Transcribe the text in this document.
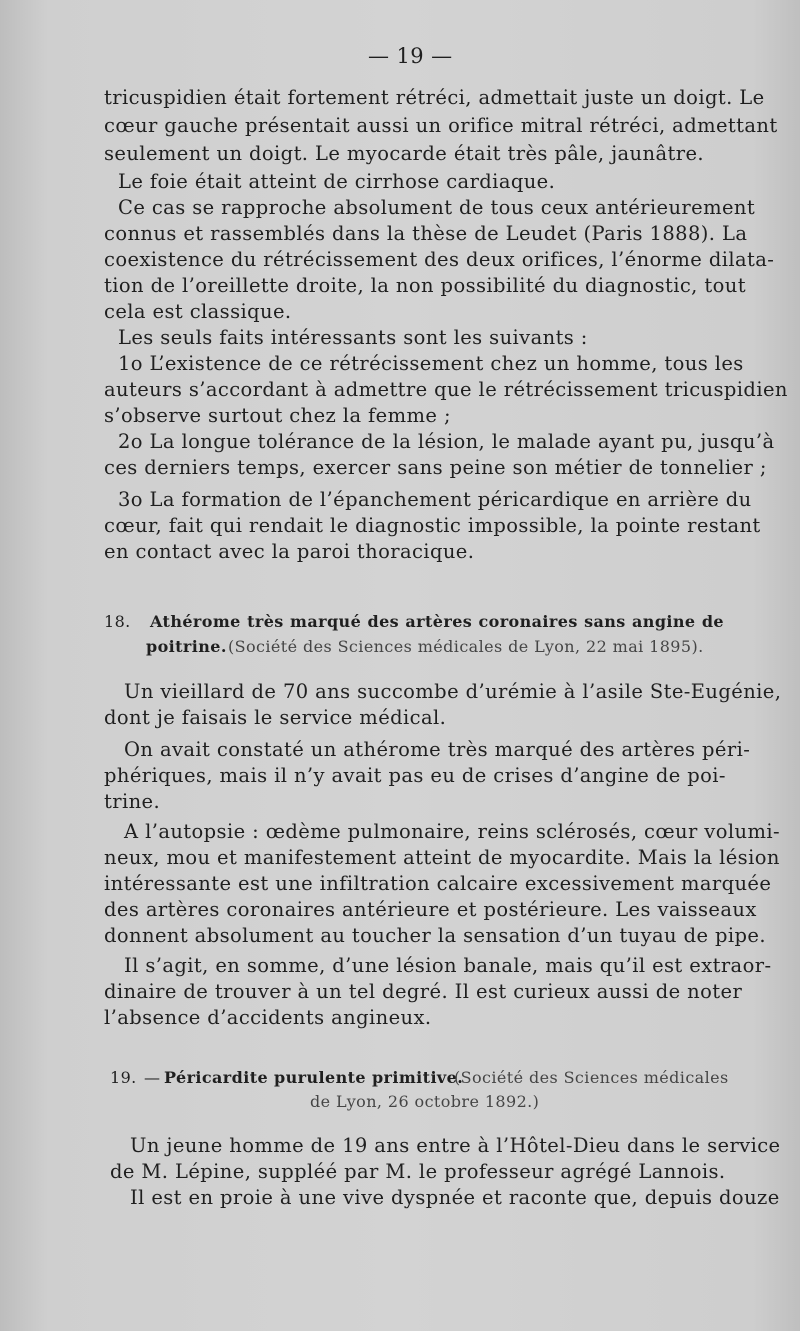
— 19 —
tricuspidien était fortement rétréci, admettait juste un doigt. Le
cœur gauche présentait aussi un orifice mitral rétréci, admettant
seulement un doigt. Le myocarde était très pâle, jaunâtre.
Le foie était atteint de cirrhose cardiaque.
Ce cas se rapproche absolument de tous ceux antérieurement
connus et rassemblés dans la thèse de Leudet (Paris 1888). La
coexistence du rétrécissement des deux orifices, l’énorme dilata-
tion de l’oreillette droite, la non possibilité du diagnostic, tout
cela est classique.
Les seuls faits intéressants sont les suivants :
1o L’existence de ce rétrécissement chez un homme, tous les
auteurs s’accordant à admettre que le rétrécissement tricuspidien
s’observe surtout chez la femme ;
2o La longue tolérance de la lésion, le malade ayant pu, jusqu’à
ces derniers temps, exercer sans peine son métier de tonnelier ;
3o La formation de l’épanchement péricardique en arrière du
cœur, fait qui rendait le diagnostic impossible, la pointe restant
en contact avec la paroi thoracique.
18. Athérome très marqué des artères coronaires sans angine de
poitrine. (Société des Sciences médicales de Lyon, 22 mai 1895).
Un vieillard de 70 ans succombe d’urémie à l’asile Ste-Eugénie,
dont je faisais le service médical.
On avait constaté un athérome très marqué des artères péri-
phériques, mais il n’y avait pas eu de crises d’angine de poi-
trine.
A l’autopsie : œdème pulmonaire, reins sclérosés, cœur volumi-
neux, mou et manifestement atteint de myocardite. Mais la lésion
intéressante est une infiltration calcaire excessivement marquée
des artères coronaires antérieure et postérieure. Les vaisseaux
donnent absolument au toucher la sensation d’un tuyau de pipe.
Il s’agit, en somme, d’une lésion banale, mais qu’il est extraor-
dinaire de trouver à un tel degré. Il est curieux aussi de noter
l’absence d’accidents angineux.
19. — Péricardite purulente primitive.
(Société des Sciences médicales
de Lyon, 26 octobre 1892.)
Un jeune homme de 19 ans entre à l’Hôtel-Dieu dans le service
de M. Lépine, suppléé par M. le professeur agrégé Lannois.
Il est en proie à une vive dyspnée et raconte que, depuis douze
